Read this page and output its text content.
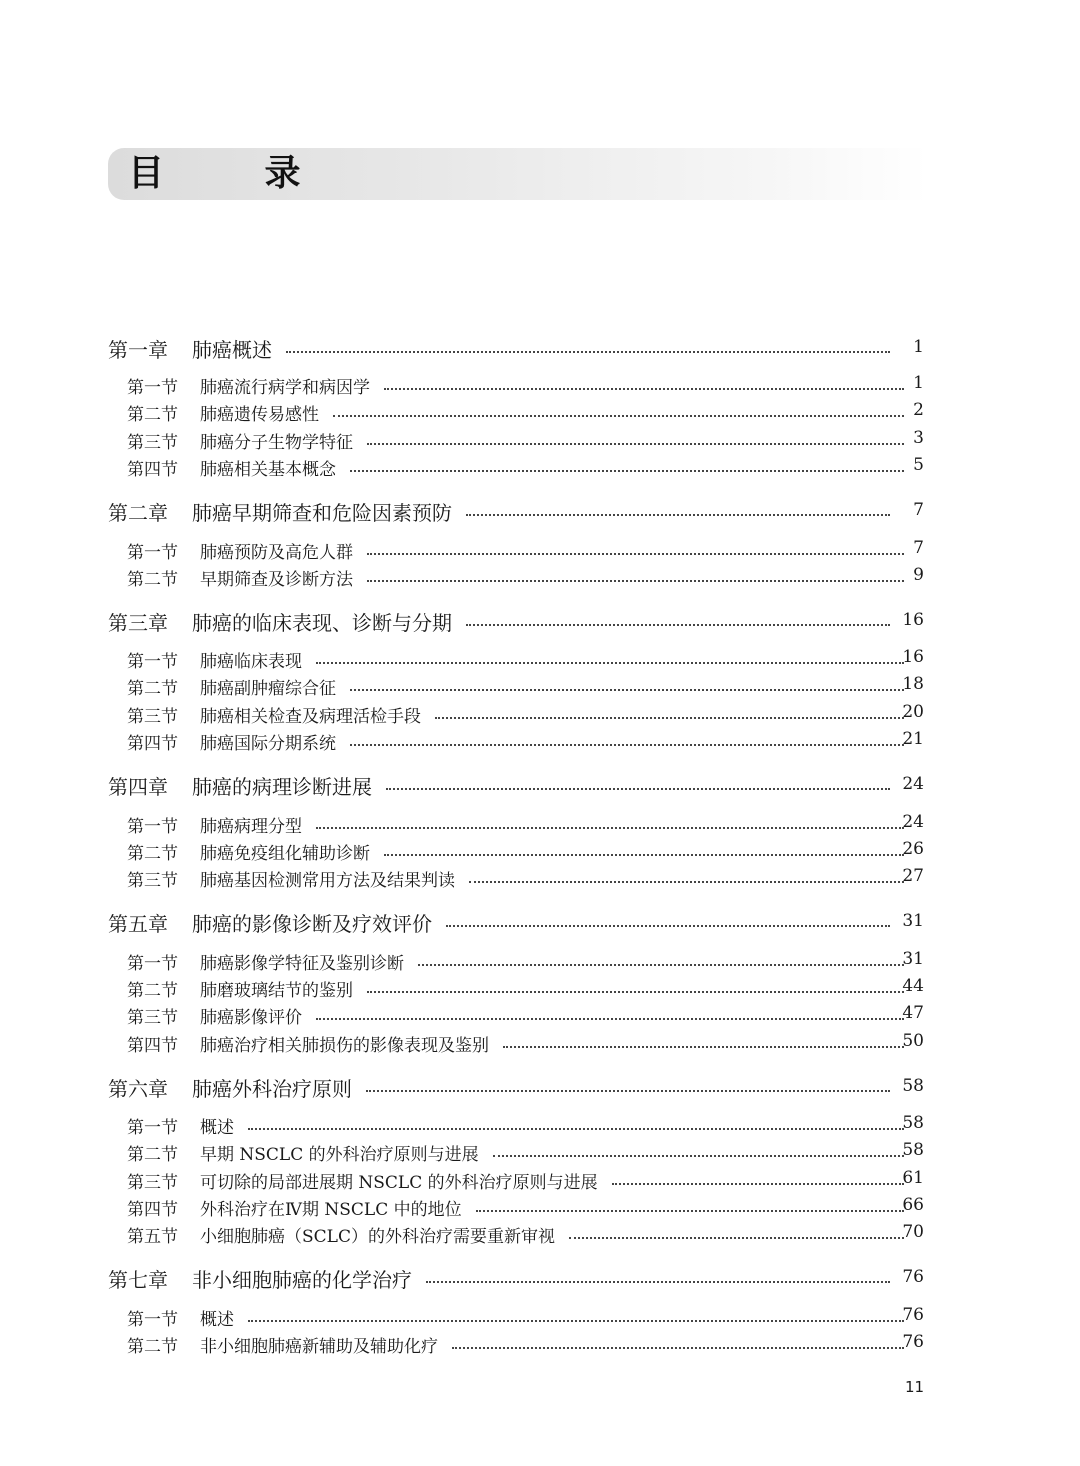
目 录
第一章 肺癌概述	1
第一节 肺癌流行病学和病因学	1
第二节 肺癌遗传易感性	2
第三节 肺癌分子生物学特征	3
第四节 肺癌相关基本概念	5
第二章 肺癌早期筛查和危险因素预防	7
第一节 肺癌预防及高危人群	7
第二节 早期筛查及诊断方法	9
第三章 肺癌的临床表现、诊断与分期	16
第一节 肺癌临床表现	16
第二节 肺癌副肿瘤综合征	18
第三节 肺癌相关检查及病理活检手段	20
第四节 肺癌国际分期系统	21
第四章 肺癌的病理诊断进展	24
第一节 肺癌病理分型	24
第二节 肺癌免疫组化辅助诊断	26
第三节 肺癌基因检测常用方法及结果判读	27
第五章 肺癌的影像诊断及疗效评价	31
第一节 肺癌影像学特征及鉴别诊断	31
第二节 肺磨玻璃结节的鉴别	44
第三节 肺癌影像评价	47
第四节 肺癌治疗相关肺损伤的影像表现及鉴别	50
第六章 肺癌外科治疗原则	58
第一节 概述	58
第二节 早期 NSCLC 的外科治疗原则与进展	58
第三节 可切除的局部进展期 NSCLC 的外科治疗原则与进展	61
第四节 外科治疗在Ⅳ期 NSCLC 中的地位	66
第五节 小细胞肺癌（SCLC）的外科治疗需要重新审视	70
第七章 非小细胞肺癌的化学治疗	76
第一节 概述	76
第二节 非小细胞肺癌新辅助及辅助化疗	76
11
